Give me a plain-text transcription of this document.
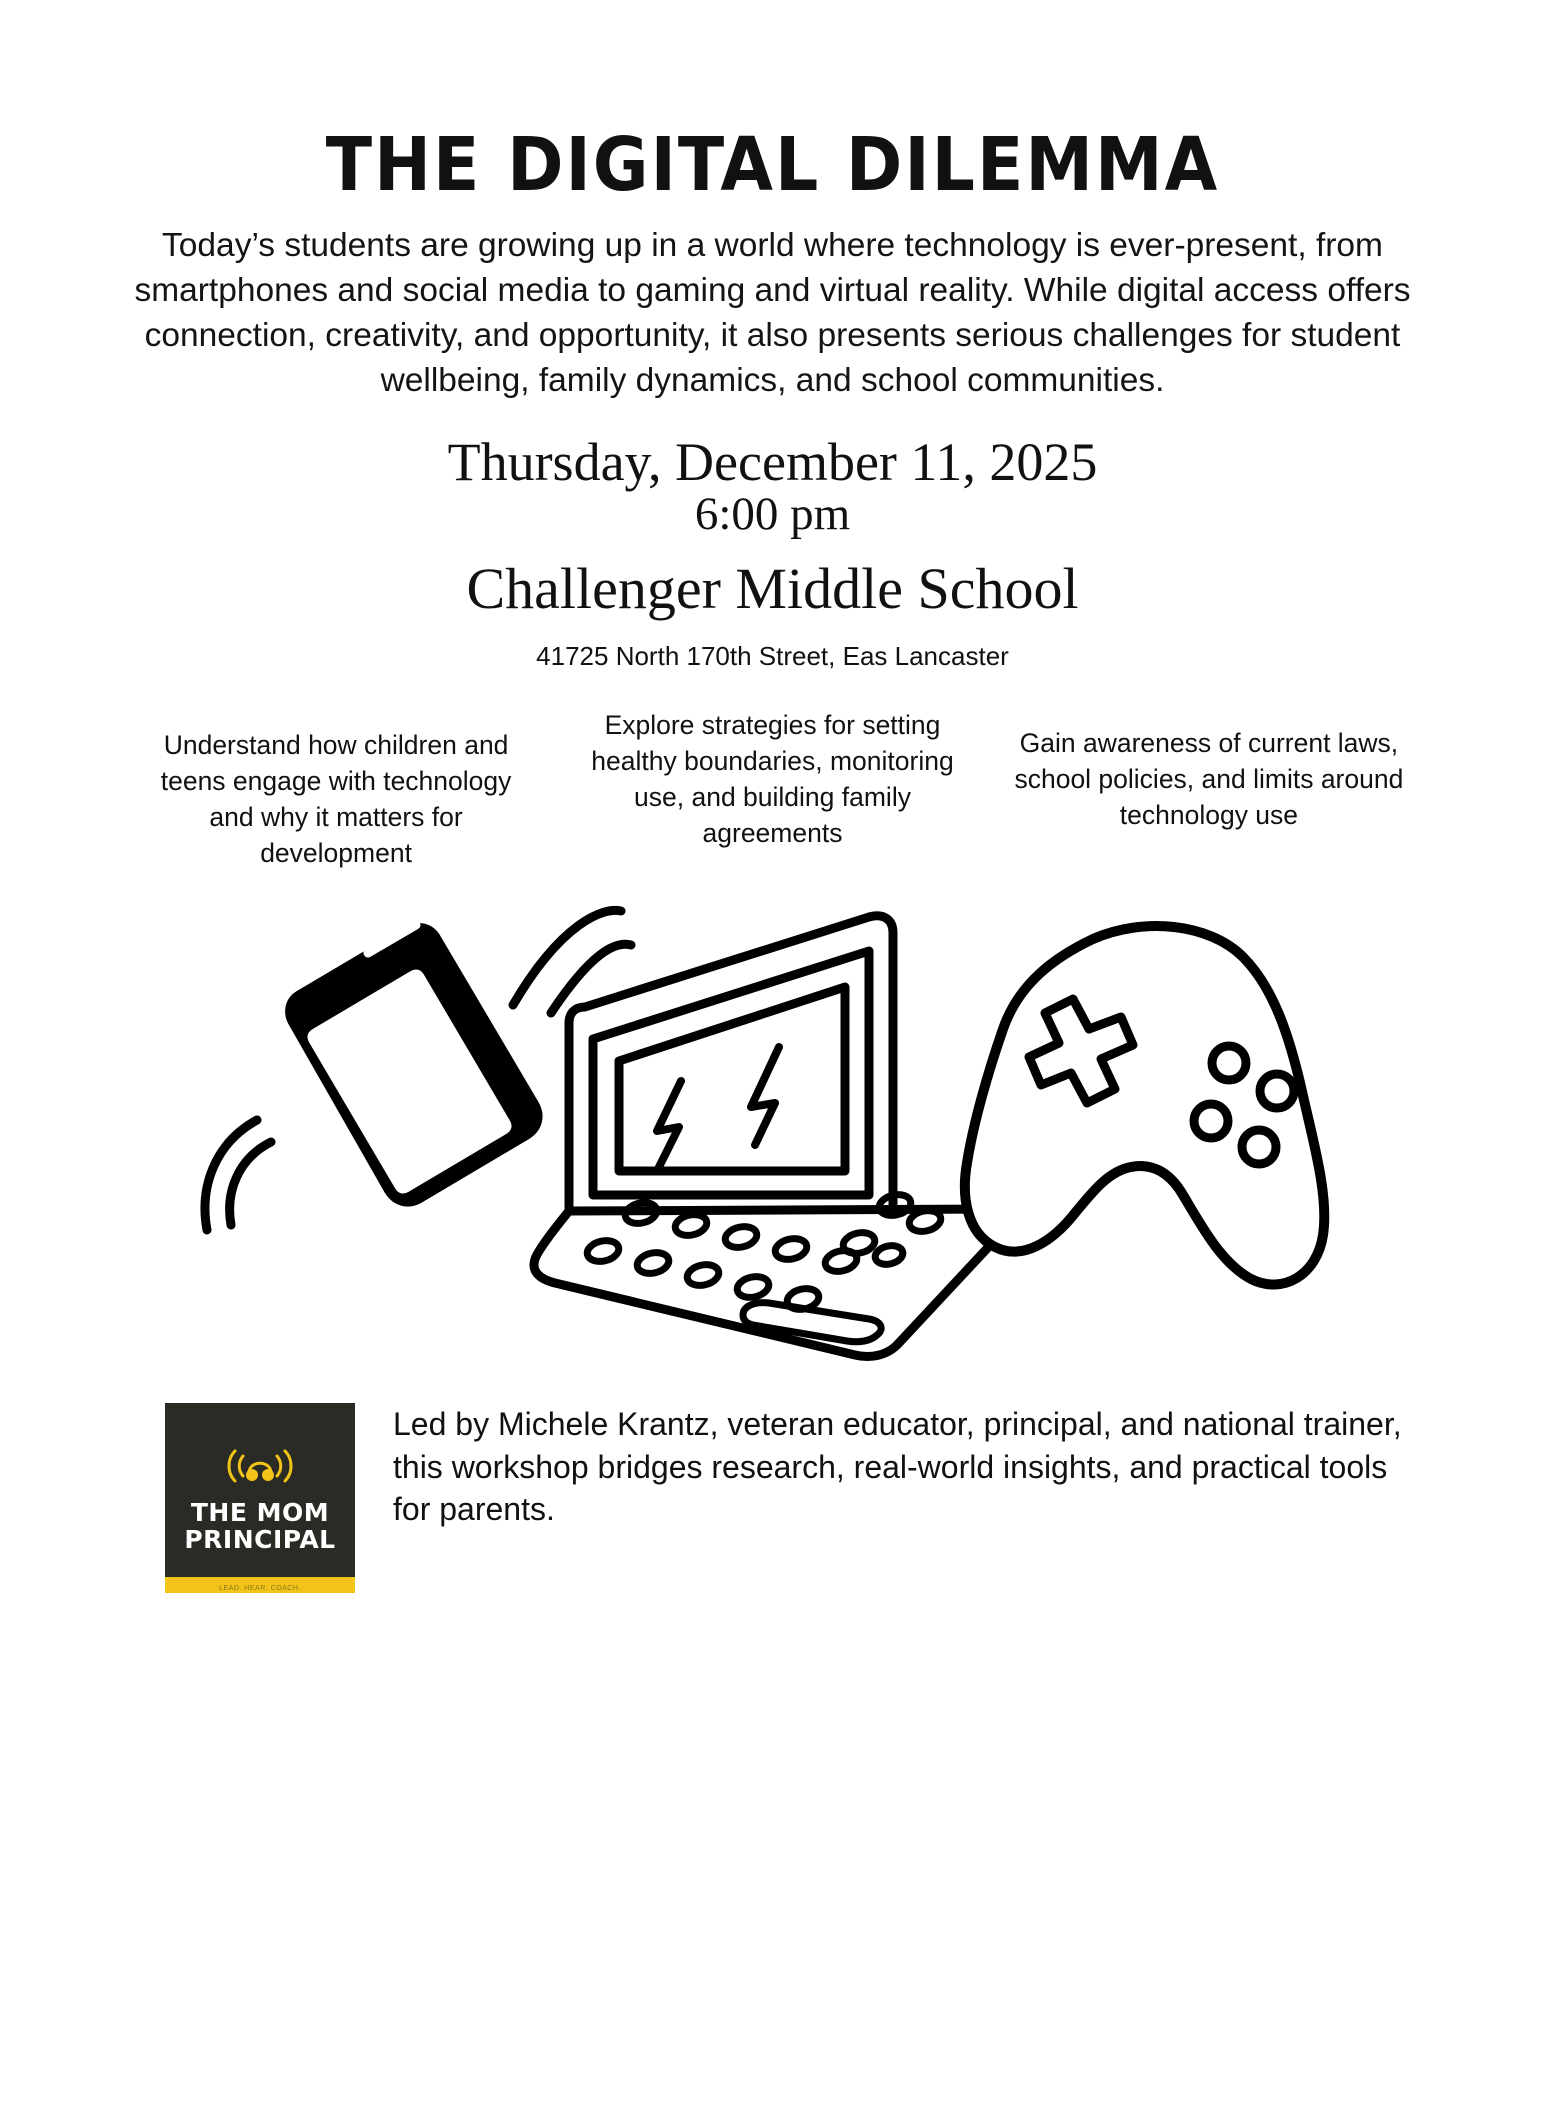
THE DIGITAL DILEMMA
Today’s students are growing up in a world where technology is ever-present, from smartphones and social media to gaming and virtual reality. While digital access offers connection, creativity, and opportunity, it also presents serious challenges for student wellbeing, family dynamics, and school communities.
Thursday, December 11, 2025
6:00 pm
Challenger Middle School
41725 North 170th Street, Eas Lancaster
Understand how children and teens engage with technology and why it matters for development
Explore strategies for setting healthy boundaries, monitoring use, and building family agreements
Gain awareness of current laws, school policies, and limits around technology use
THE MOM
PRINCIPAL
LEAD. HEAR. COACH.
Led by Michele Krantz, veteran educator, principal, and national trainer, this workshop bridges research, real-world insights, and practical tools for parents.
